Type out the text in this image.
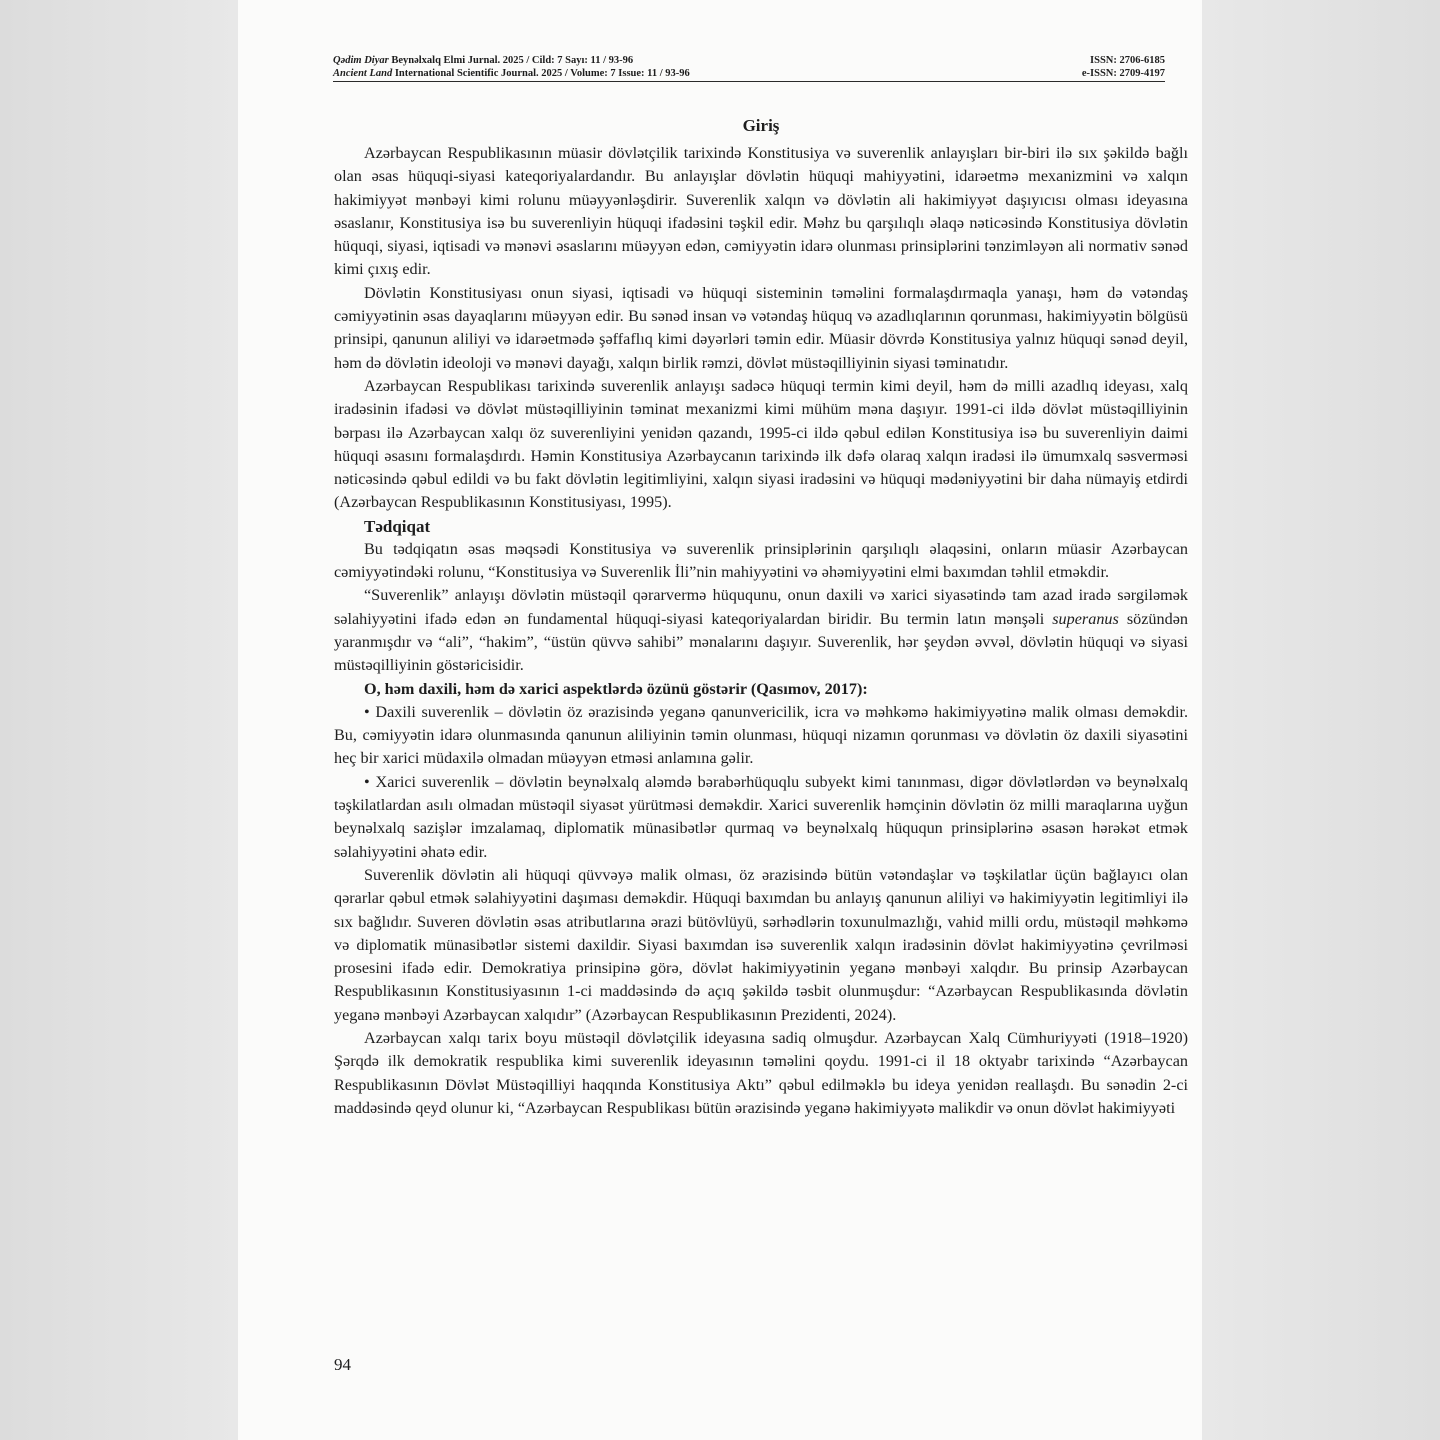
Qədim Diyar Beynəlxalq Elmi Jurnal. 2025 / Cild: 7 Sayı: 11 / 93-96	ISSN: 2706-6185
Ancient Land International Scientific Journal. 2025 / Volume: 7 Issue: 11 / 93-96	e-ISSN: 2709-4197
Giriş

Azərbaycan Respublikasının müasir dövlətçilik tarixində Konstitusiya və suverenlik anlayışları bir-biri ilə sıx şəkildə bağlı olan əsas hüquqi-siyasi kateqoriyalardandır. Bu anlayışlar dövlətin hüquqi mahiyyətini, idarəetmə mexanizmini və xalqın hakimiyyət mənbəyi kimi rolunu müəyyənləşdirir. Suverenlik xalqın və dövlətin ali hakimiyyət daşıyıcısı olması ideyasına əsaslanır, Konstitusiya isə bu suverenliyin hüquqi ifadəsini təşkil edir. Məhz bu qarşılıqlı əlaqə nəticəsində Konstitusiya dövlətin hüquqi, siyasi, iqtisadi və mənəvi əsaslarını müəyyən edən, cəmiyyətin idarə olunması prinsiplərini tənzimləyən ali normativ sənəd kimi çıxış edir.

Dövlətin Konstitusiyası onun siyasi, iqtisadi və hüquqi sisteminin təməlini formalaşdırmaqla yanaşı, həm də vətəndaş cəmiyyətinin əsas dayaqlarını müəyyən edir. Bu sənəd insan və vətəndaş hüquq və azadlıqlarının qorunması, hakimiyyətin bölgüsü prinsipi, qanunun aliliyi və idarəetmədə şəffaflıq kimi dəyərləri təmin edir. Müasir dövrdə Konstitusiya yalnız hüquqi sənəd deyil, həm də dövlətin ideoloji və mənəvi dayağı, xalqın birlik rəmzi, dövlət müstəqilliyinin siyasi təminatıdır.

Azərbaycan Respublikası tarixində suverenlik anlayışı sadəcə hüquqi termin kimi deyil, həm də milli azadlıq ideyası, xalq iradəsinin ifadəsi və dövlət müstəqilliyinin təminat mexanizmi kimi mühüm məna daşıyır. 1991-ci ildə dövlət müstəqilliyinin bərpası ilə Azərbaycan xalqı öz suverenliyini yenidən qazandı, 1995-ci ildə qəbul edilən Konstitusiya isə bu suverenliyin daimi hüquqi əsasını formalaşdırdı. Həmin Konstitusiya Azərbaycanın tarixində ilk dəfə olaraq xalqın iradəsi ilə ümumxalq səsverməsi nəticəsində qəbul edildi və bu fakt dövlətin legitimliyini, xalqın siyasi iradəsini və hüquqi mədəniyyətini bir daha nümayiş etdirdi (Azərbaycan Respublikasının Konstitusiyası, 1995).

Tədqiqat

Bu tədqiqatın əsas məqsədi Konstitusiya və suverenlik prinsiplərinin qarşılıqlı əlaqəsini, onların müasir Azərbaycan cəmiyyətindəki rolunu, “Konstitusiya və Suverenlik İli”nin mahiyyətini və əhəmiyyətini elmi baxımdan təhlil etməkdir.

“Suverenlik” anlayışı dövlətin müstəqil qərarvermə hüququnu, onun daxili və xarici siyasətində tam azad iradə sərgiləmək səlahiyyətini ifadə edən ən fundamental hüquqi-siyasi kateqoriyalardan biridir. Bu termin latın mənşəli superanus sözündən yaranmışdır və “ali”, “hakim”, “üstün qüvvə sahibi” mənalarını daşıyır. Suverenlik, hər şeydən əvvəl, dövlətin hüquqi və siyasi müstəqilliyinin göstəricisidir.

O, həm daxili, həm də xarici aspektlərdə özünü göstərir (Qasımov, 2017):

• Daxili suverenlik – dövlətin öz ərazisində yeganə qanunvericilik, icra və məhkəmə hakimiyyətinə malik olması deməkdir. Bu, cəmiyyətin idarə olunmasında qanunun aliliyinin təmin olunması, hüquqi nizamın qorunması və dövlətin öz daxili siyasətini heç bir xarici müdaxilə olmadan müəyyən etməsi anlamına gəlir.

• Xarici suverenlik – dövlətin beynəlxalq aləmdə bərabərhüquqlu subyekt kimi tanınması, digər dövlətlərdən və beynəlxalq təşkilatlardan asılı olmadan müstəqil siyasət yürütməsi deməkdir. Xarici suverenlik həmçinin dövlətin öz milli maraqlarına uyğun beynəlxalq sazişlər imzalamaq, diplomatik münasibətlər qurmaq və beynəlxalq hüququn prinsiplərinə əsasən hərəkət etmək səlahiyyətini əhatə edir.

Suverenlik dövlətin ali hüquqi qüvvəyə malik olması, öz ərazisində bütün vətəndaşlar və təşkilatlar üçün bağlayıcı olan qərarlar qəbul etmək səlahiyyətini daşıması deməkdir. Hüquqi baxımdan bu anlayış qanunun aliliyi və hakimiyyətin legitimliyi ilə sıx bağlıdır. Suveren dövlətin əsas atributlarına ərazi bütövlüyü, sərhədlərin toxunulmazlığı, vahid milli ordu, müstəqil məhkəmə və diplomatik münasibətlər sistemi daxildir. Siyasi baxımdan isə suverenlik xalqın iradəsinin dövlət hakimiyyətinə çevrilməsi prosesini ifadə edir. Demokratiya prinsipinə görə, dövlət hakimiyyətinin yeganə mənbəyi xalqdır. Bu prinsip Azərbaycan Respublikasının Konstitusiyasının 1-ci maddəsində də açıq şəkildə təsbit olunmuşdur: “Azərbaycan Respublikasında dövlətin yeganə mənbəyi Azərbaycan xalqıdır” (Azərbaycan Respublikasının Prezidenti, 2024).

Azərbaycan xalqı tarix boyu müstəqil dövlətçilik ideyasına sadiq olmuşdur. Azərbaycan Xalq Cümhuriyyəti (1918–1920) Şərqdə ilk demokratik respublika kimi suverenlik ideyasının təməlini qoydu. 1991-ci il 18 oktyabr tarixində “Azərbaycan Respublikasının Dövlət Müstəqilliyi haqqında Konstitusiya Aktı” qəbul edilməklə bu ideya yenidən reallaşdı. Bu sənədin 2-ci maddəsində qeyd olunur ki, “Azərbaycan Respublikası bütün ərazisində yeganə hakimiyyətə malikdir və onun dövlət hakimiyyəti

94
